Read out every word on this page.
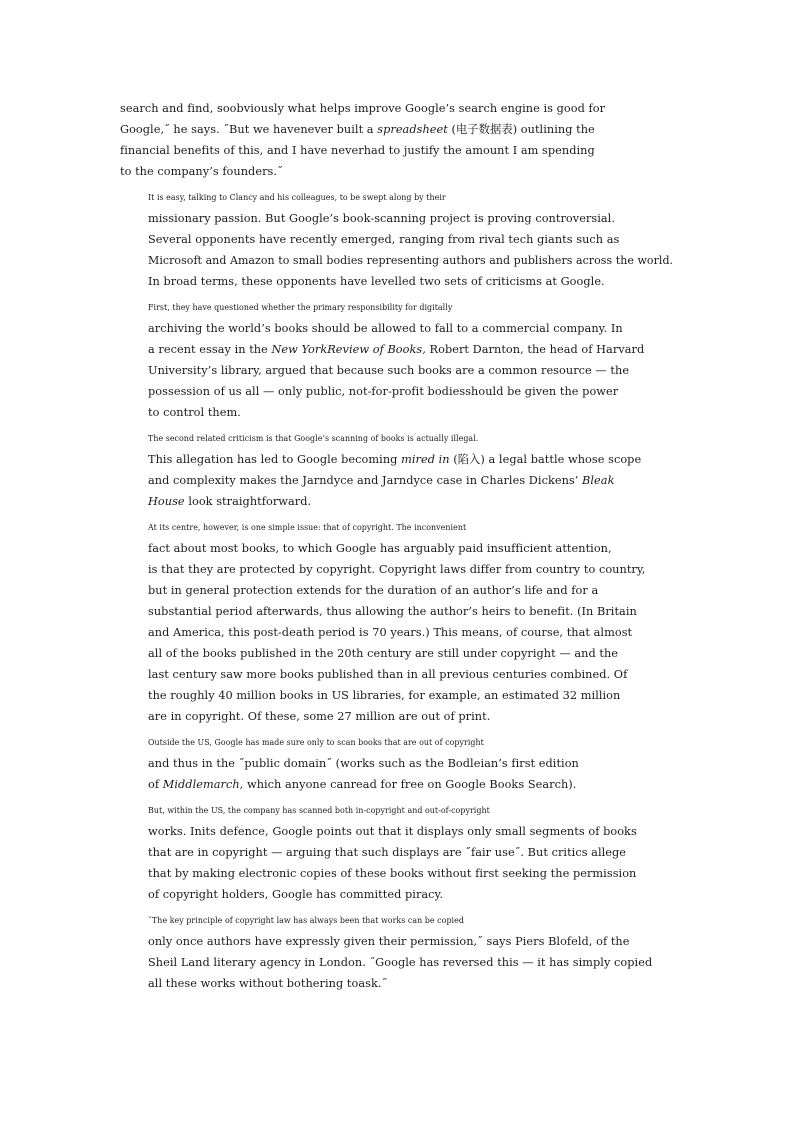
search and find, soobviously what helps improve Google’s search engine is good for
Google,˝ he says. ˝But we havenever built a spreadsheet (电子数据表) outlining the
financial benefits of this, and I have neverhad to justify the amount I am spending
to the company’s founders.˝
It is easy, talking to Clancy and his colleagues, to be swept along by their
missionary passion. But Google’s book-scanning project is proving controversial.
Several opponents have recently emerged, ranging from rival tech giants such as
Microsoft and Amazon to small bodies representing authors and publishers across the world.
In broad terms, these opponents have levelled two sets of criticisms at Google.
First, they have questioned whether the primary responsibility for digitally
archiving the world’s books should be allowed to fall to a commercial company. In
a recent essay in the New YorkReview of Books, Robert Darnton, the head of Harvard
University’s library, argued that because such books are a common resource — the
possession of us all — only public, not-for-profit bodiesshould be given the power
to control them.
The second related criticism is that Google’s scanning of books is actually illegal.
This allegation has led to Google becoming mired in (陷入) a legal battle whose scope
and complexity makes the Jarndyce and Jarndyce case in Charles Dickens’ Bleak
House look straightforward.
At its centre, however, is one simple issue: that of copyright. The inconvenient
fact about most books, to which Google has arguably paid insufficient attention,
is that they are protected by copyright. Copyright laws differ from country to country,
but in general protection extends for the duration of an author’s life and for a
substantial period afterwards, thus allowing the author’s heirs to benefit. (In Britain
and America, this post-death period is 70 years.) This means, of course, that almost
all of the books published in the 20th century are still under copyright — and the
last century saw more books published than in all previous centuries combined. Of
the roughly 40 million books in US libraries, for example, an estimated 32 million
are in copyright. Of these, some 27 million are out of print.
Outside the US, Google has made sure only to scan books that are out of copyright
and thus in the ˝public domain˝ (works such as the Bodleian’s first edition
of Middlemarch, which anyone canread for free on Google Books Search).
But, within the US, the company has scanned both in-copyright and out-of-copyright
works. Inits defence, Google points out that it displays only small segments of books
that are in copyright — arguing that such displays are ˝fair use˝. But critics allege
that by making electronic copies of these books without first seeking the permission
of copyright holders, Google has committed piracy.
˝The key principle of copyright law has always been that works can be copied
only once authors have expressly given their permission,˝ says Piers Blofeld, of the
Sheil Land literary agency in London. ˝Google has reversed this — it has simply copied
all these works without bothering toask.˝
